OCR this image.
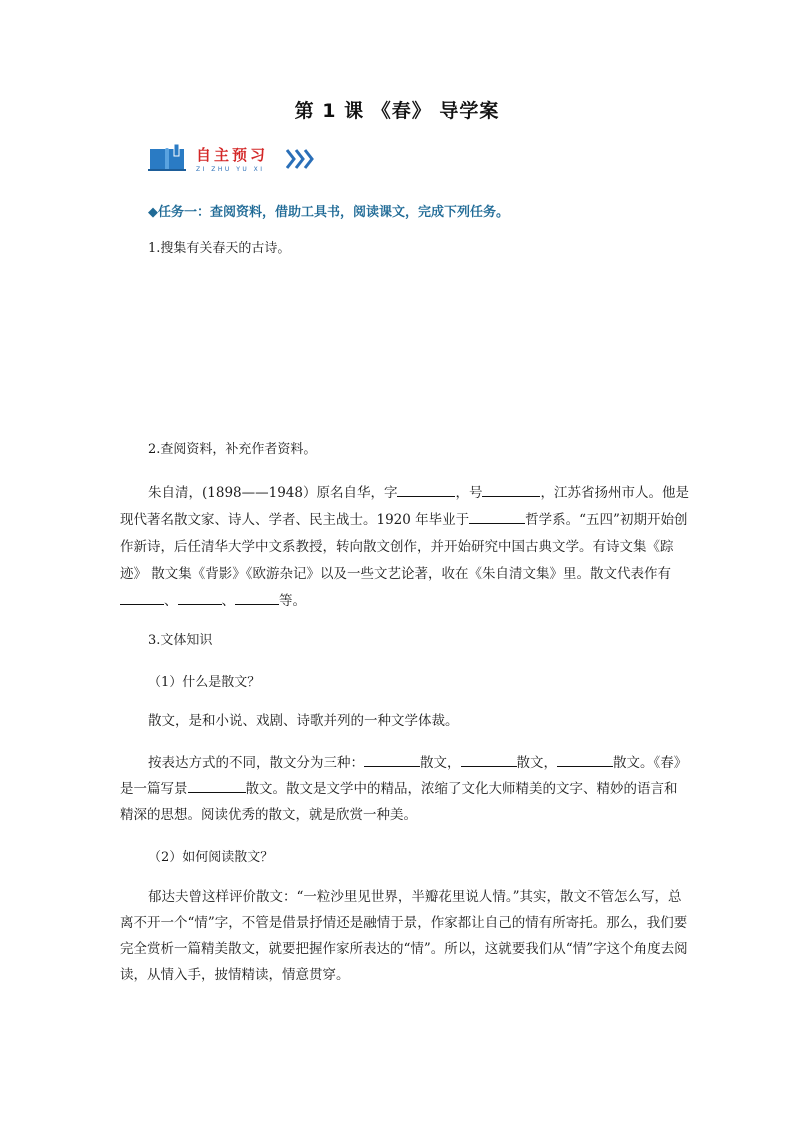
第 1 课 《春》 导学案
自主预习
ZI ZHU YU XI
◆任务一：查阅资料，借助工具书，阅读课文，完成下列任务。
1.搜集有关春天的古诗。
2.查阅资料，补充作者资料。
朱自清，(1898——1948）原名自华，字	，号	，江苏省扬州市人。他是现代著名散文家、诗人、学者、民主战士。1920 年毕业于	哲学系。“五四”初期开始创作新诗，后任清华大学中文系教授，转向散文创作，并开始研究中国古典文学。有诗文集《踪迹》 散文集《背影》《欧游杂记》以及一些文艺论著，收在《朱自清文集》里。散文代表作有、	、	等。
3.文体知识
（1）什么是散文？
散文，是和小说、戏剧、诗歌并列的一种文学体裁。
按表达方式的不同，散文分为三种：	散文，	散文，	散文。《春》是一篇写景	散文。散文是文学中的精品，浓缩了文化大师精美的文字、精妙的语言和精深的思想。阅读优秀的散文，就是欣赏一种美。
（2）如何阅读散文？
郁达夫曾这样评价散文：“一粒沙里见世界，半瓣花里说人情。”其实，散文不管怎么写，总离不开一个“情”字，不管是借景抒情还是融情于景，作家都让自己的情有所寄托。那么，我们要完全赏析一篇精美散文，就要把握作家所表达的“情”。所以，这就要我们从“情”字这个角度去阅读，从情入手，披情精读，情意贯穿。
